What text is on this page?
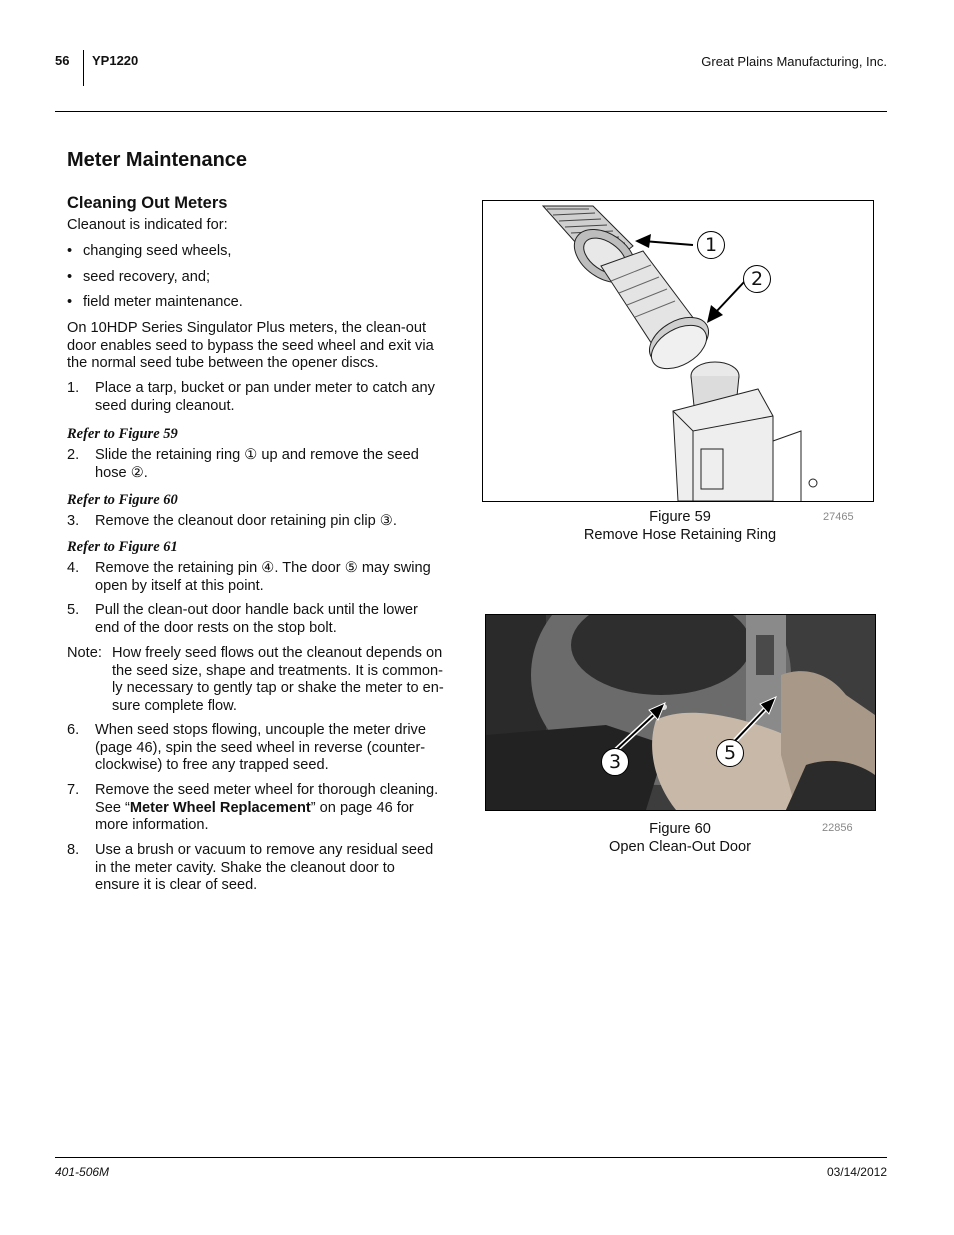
56 YP1220	Great Plains Manufacturing, Inc.
Meter Maintenance
Cleaning Out Meters
Cleanout is indicated for:
• changing seed wheels,
• seed recovery, and;
• field meter maintenance.
On 10HDP Series Singulator Plus meters, the clean-out
door enables seed to bypass the seed wheel and exit via
the normal seed tube between the opener discs.
1. Place a tarp, bucket or pan under meter to catch any
seed during cleanout.
Refer to Figure 59
2. Slide the retaining ring ① up and remove the seed
hose ②.
Refer to Figure 60
3. Remove the cleanout door retaining pin clip ③.
Refer to Figure 61
4. Remove the retaining pin ④. The door ⑤ may swing
open by itself at this point.
5. Pull the clean-out door handle back until the lower
end of the door rests on the stop bolt.
Note: How freely seed flows out the cleanout depends on
the seed size, shape and treatments. It is common-
ly necessary to gently tap or shake the meter to en-
sure complete flow.
6. When seed stops flowing, uncouple the meter drive
(page 46), spin the seed wheel in reverse (counter-
clockwise) to free any trapped seed.
7. Remove the seed meter wheel for thorough cleaning.
See “Meter Wheel Replacement” on page 46 for
more information.
8. Use a brush or vacuum to remove any residual seed
in the meter cavity. Shake the cleanout door to
ensure it is clear of seed.
1
2
Figure 59
Remove Hose Retaining Ring
27465
3	5
Figure 60
Open Clean-Out Door
22856
401-506M	03/14/2012
